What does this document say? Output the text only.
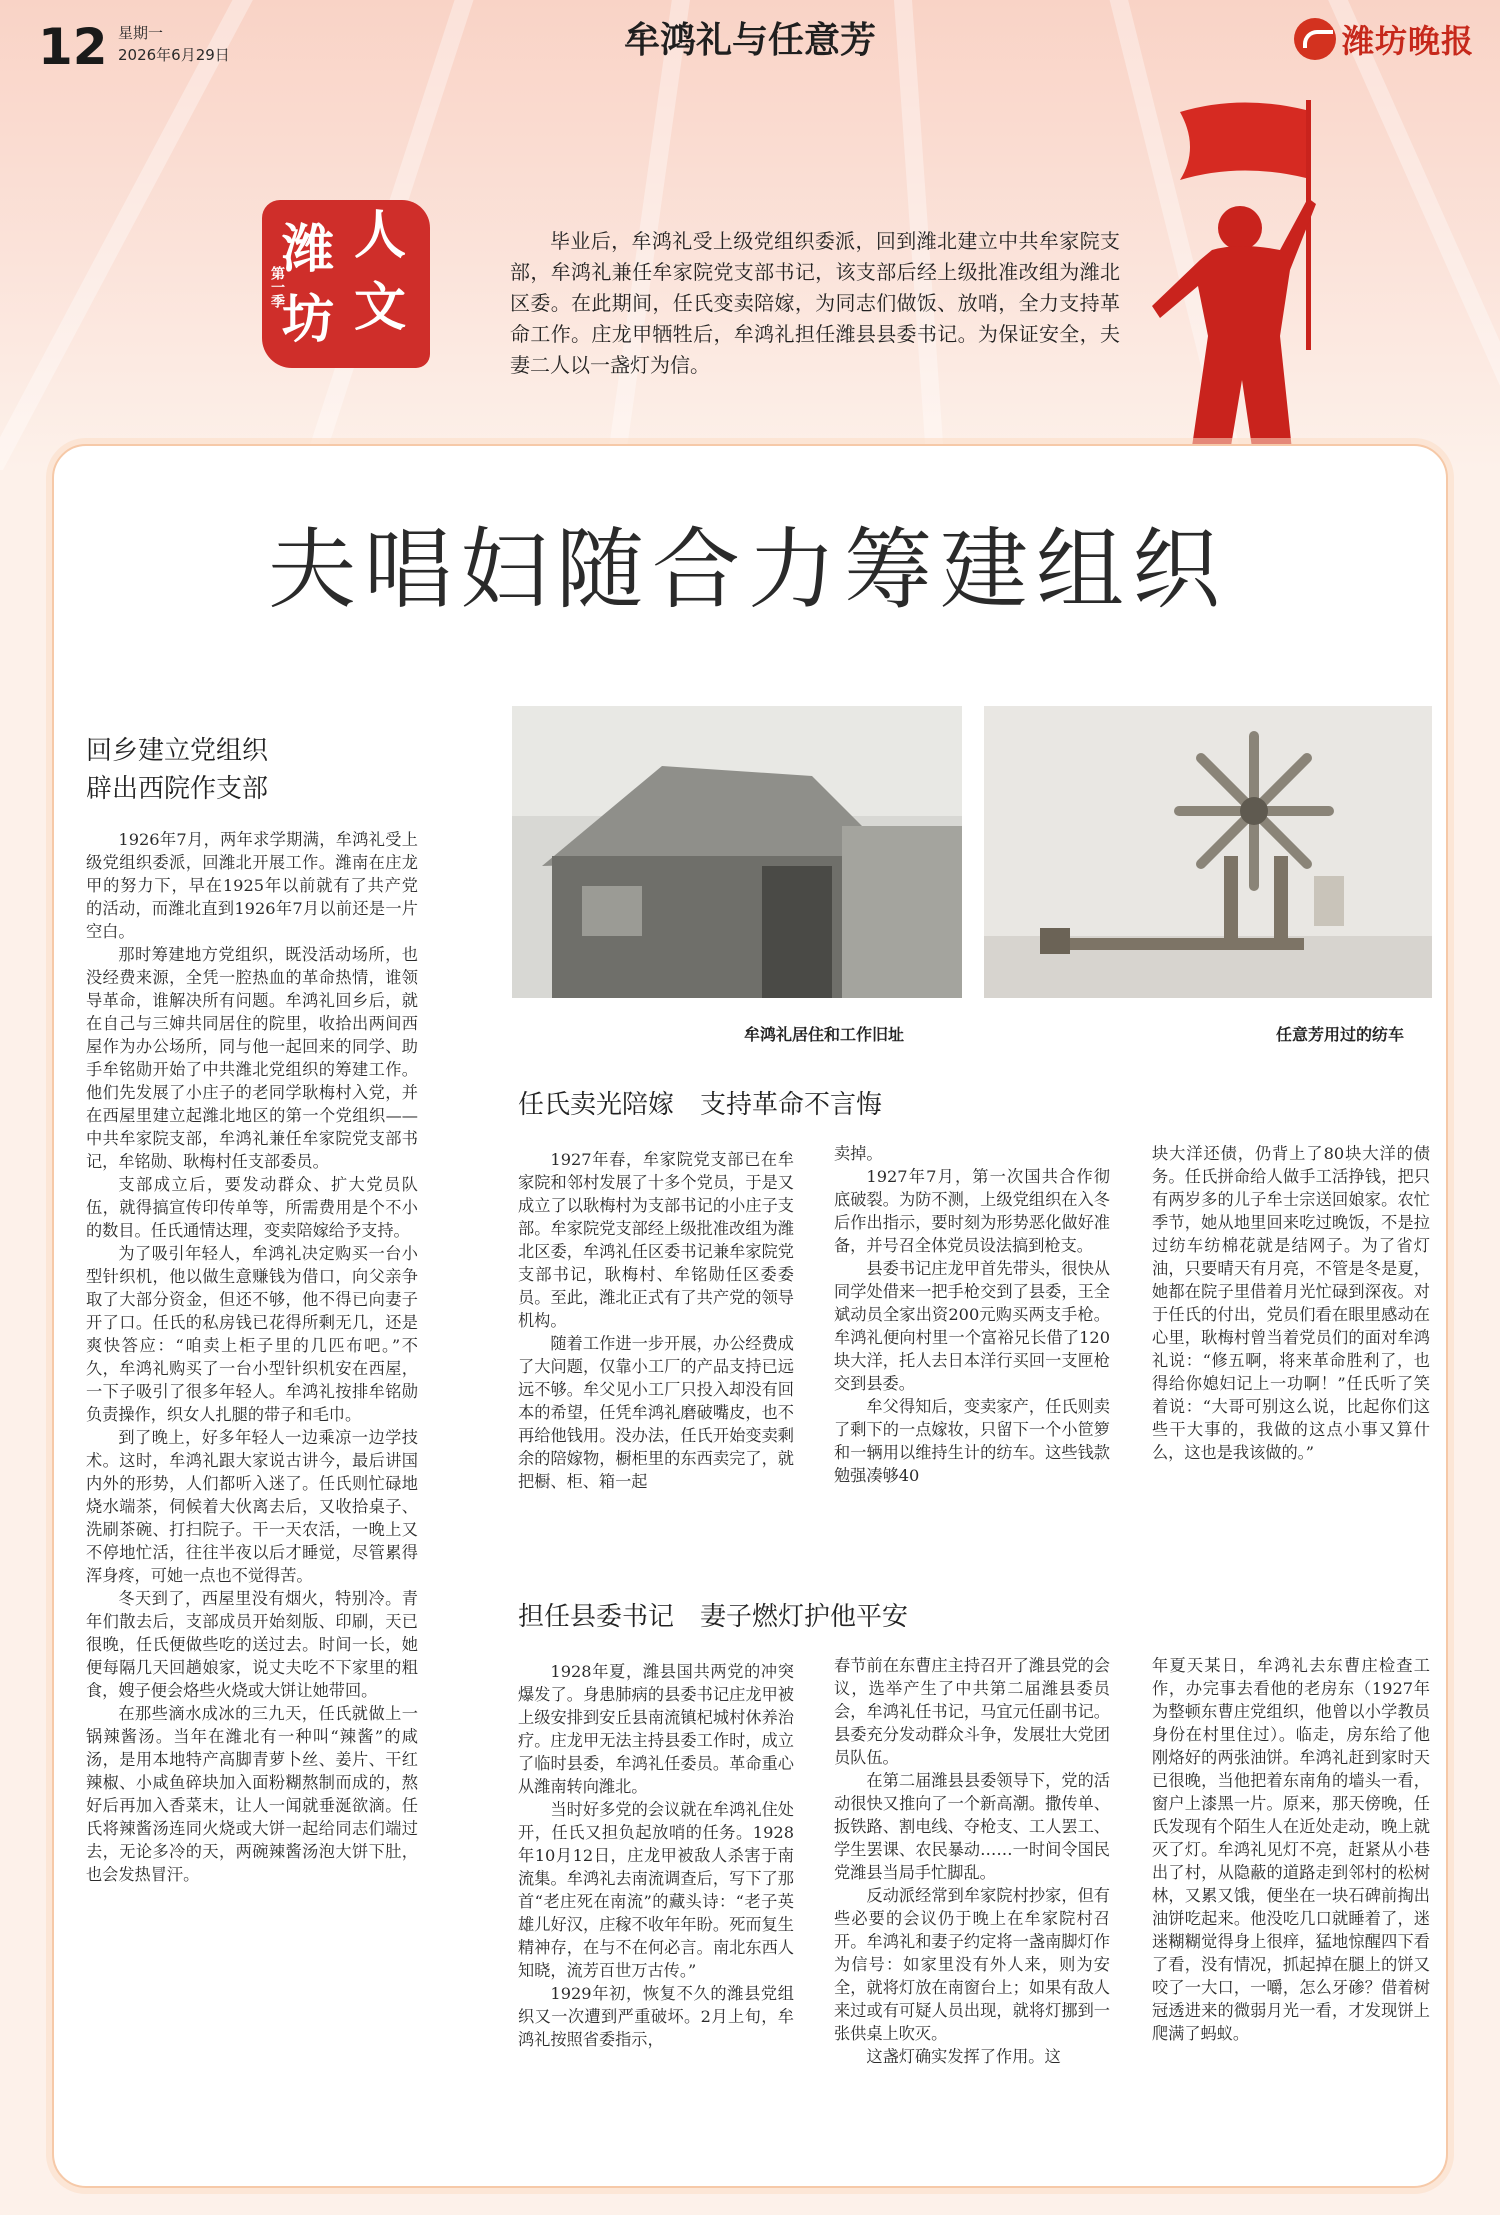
12 星期一
2026年6月29日	牟鸿礼与任意芳	潍坊晚报
潍 人
坊 文
第一季
毕业后，牟鸿礼受上级党组织委派，回到潍北建立中共牟家院支部，牟鸿礼兼任牟家院党支部书记，该支部后经上级批准改组为潍北区委。在此期间，任氏变卖陪嫁，为同志们做饭、放哨，全力支持革命工作。庄龙甲牺牲后，牟鸿礼担任潍县县委书记。为保证安全，夫妻二人以一盏灯为信。
夫唱妇随合力筹建组织
回乡建立党组织
辟出西院作支部

1926年7月，两年求学期满，牟鸿礼受上级党组织委派，回潍北开展工作。潍南在庄龙甲的努力下，早在1925年以前就有了共产党的活动，而潍北直到1926年7月以前还是一片空白。

那时筹建地方党组织，既没活动场所，也没经费来源，全凭一腔热血的革命热情，谁领导革命，谁解决所有问题。牟鸿礼回乡后，就在自己与三婶共同居住的院里，收拾出两间西屋作为办公场所，同与他一起回来的同学、助手牟铭勋开始了中共潍北党组织的筹建工作。他们先发展了小庄子的老同学耿梅村入党，并在西屋里建立起潍北地区的第一个党组织——中共牟家院支部，牟鸿礼兼任牟家院党支部书记，牟铭勋、耿梅村任支部委员。

支部成立后，要发动群众、扩大党员队伍，就得搞宣传印传单等，所需费用是个不小的数目。任氏通情达理，变卖陪嫁给予支持。

为了吸引年轻人，牟鸿礼决定购买一台小型针织机，他以做生意赚钱为借口，向父亲争取了大部分资金，但还不够，他不得已向妻子开了口。任氏的私房钱已花得所剩无几，还是爽快答应：“咱卖上柜子里的几匹布吧。”不久，牟鸿礼购买了一台小型针织机安在西屋，一下子吸引了很多年轻人。牟鸿礼按排牟铭勋负责操作，织女人扎腿的带子和毛巾。

到了晚上，好多年轻人一边乘凉一边学技术。这时，牟鸿礼跟大家说古讲今，最后讲国内外的形势，人们都听入迷了。任氏则忙碌地烧水端茶，伺候着大伙离去后，又收拾桌子、洗刷茶碗、打扫院子。干一天农活，一晚上又不停地忙活，往往半夜以后才睡觉，尽管累得浑身疼，可她一点也不觉得苦。

冬天到了，西屋里没有烟火，特别冷。青年们散去后，支部成员开始刻版、印刷，天已很晚，任氏便做些吃的送过去。时间一长，她便每隔几天回趟娘家，说丈夫吃不下家里的粗食，嫂子便会烙些火烧或大饼让她带回。

在那些滴水成冰的三九天，任氏就做上一锅辣酱汤。当年在潍北有一种叫“辣酱”的咸汤，是用本地特产高脚青萝卜丝、姜片、干红辣椒、小咸鱼碎块加入面粉糊熬制而成的，熬好后再加入香菜末，让人一闻就垂涎欲滴。任氏将辣酱汤连同火烧或大饼一起给同志们端过去，无论多冷的天，两碗辣酱汤泡大饼下肚，也会发热冒汗。

牟鸿礼居住和工作旧址	任意芳用过的纺车
任氏卖光陪嫁　支持革命不言悔

1927年春，牟家院党支部已在牟家院和邻村发展了十多个党员，于是又成立了以耿梅村为支部书记的小庄子支部。牟家院党支部经上级批准改组为潍北区委，牟鸿礼任区委书记兼牟家院党支部书记，耿梅村、牟铭勋任区委委员。至此，潍北正式有了共产党的领导机构。

随着工作进一步开展，办公经费成了大问题，仅靠小工厂的产品支持已远远不够。牟父见小工厂只投入却没有回本的希望，任凭牟鸿礼磨破嘴皮，也不再给他钱用。没办法，任氏开始变卖剩余的陪嫁物，橱柜里的东西卖完了，就把橱、柜、箱一起

卖掉。

1927年7月，第一次国共合作彻底破裂。为防不测，上级党组织在入冬后作出指示，要时刻为形势恶化做好准备，并号召全体党员设法搞到枪支。

县委书记庄龙甲首先带头，很快从同学处借来一把手枪交到了县委，王全斌动员全家出资200元购买两支手枪。牟鸿礼便向村里一个富裕兄长借了120块大洋，托人去日本洋行买回一支匣枪交到县委。

牟父得知后，变卖家产，任氏则卖了剩下的一点嫁妆，只留下一个小笸箩和一辆用以维持生计的纺车。这些钱款勉强凑够40

块大洋还债，仍背上了80块大洋的债务。任氏拼命给人做手工活挣钱，把只有两岁多的儿子牟士宗送回娘家。农忙季节，她从地里回来吃过晚饭，不是拉过纺车纺棉花就是结网子。为了省灯油，只要晴天有月亮，不管是冬是夏，她都在院子里借着月光忙碌到深夜。对于任氏的付出，党员们看在眼里感动在心里，耿梅村曾当着党员们的面对牟鸿礼说：“修五啊，将来革命胜利了，也得给你媳妇记上一功啊！”任氏听了笑着说：“大哥可别这么说，比起你们这些干大事的，我做的这点小事又算什么，这也是我该做的。”

担任县委书记　妻子燃灯护他平安

1928年夏，潍县国共两党的冲突爆发了。身患肺病的县委书记庄龙甲被上级安排到安丘县南流镇杞城村休养治疗。庄龙甲无法主持县委工作时，成立了临时县委，牟鸿礼任委员。革命重心从潍南转向潍北。

当时好多党的会议就在牟鸿礼住处开，任氏又担负起放哨的任务。1928年10月12日，庄龙甲被敌人杀害于南流集。牟鸿礼去南流调查后，写下了那首“老庄死在南流”的藏头诗：“老子英雄儿好汉，庄稼不收年年盼。死而复生精神存，在与不在何必言。南北东西人知晓，流芳百世万古传。”

1929年初，恢复不久的潍县党组织又一次遭到严重破坏。2月上旬，牟鸿礼按照省委指示，

春节前在东曹庄主持召开了潍县党的会议，选举产生了中共第二届潍县委员会，牟鸿礼任书记，马宜元任副书记。县委充分发动群众斗争，发展壮大党团员队伍。

在第二届潍县县委领导下，党的活动很快又推向了一个新高潮。撒传单、扳铁路、割电线、夺枪支、工人罢工、学生罢课、农民暴动……一时间令国民党潍县当局手忙脚乱。

反动派经常到牟家院村抄家，但有些必要的会议仍于晚上在牟家院村召开。牟鸿礼和妻子约定将一盏南脚灯作为信号：如家里没有外人来，则为安全，就将灯放在南窗台上；如果有敌人来过或有可疑人员出现，就将灯挪到一张供桌上吹灭。

这盏灯确实发挥了作用。这

年夏天某日，牟鸿礼去东曹庄检查工作，办完事去看他的老房东（1927年为整顿东曹庄党组织，他曾以小学教员身份在村里住过）。临走，房东给了他刚烙好的两张油饼。牟鸿礼赶到家时天已很晚，当他把着东南角的墙头一看，窗户上漆黑一片。原来，那天傍晚，任氏发现有个陌生人在近处走动，晚上就灭了灯。牟鸿礼见灯不亮，赶紧从小巷出了村，从隐蔽的道路走到邻村的松树林，又累又饿，便坐在一块石碑前掏出油饼吃起来。他没吃几口就睡着了，迷迷糊糊觉得身上很痒，猛地惊醒四下看了看，没有情况，抓起掉在腿上的饼又咬了一大口，一嚼，怎么牙碜？借着树冠透进来的微弱月光一看，才发现饼上爬满了蚂蚁。
